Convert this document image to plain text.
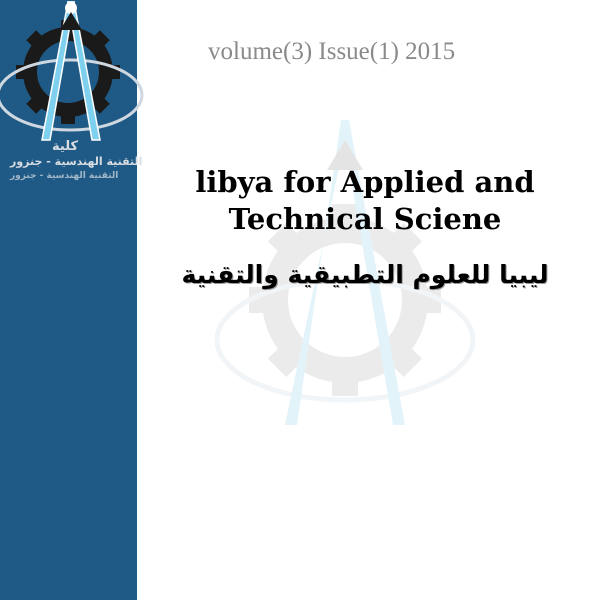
كلية
التقنية الهندسية - جنزور
التقنية الهندسية - جنزور
volume(3) Issue(1) 2015
libya for Applied and
Technical Sciene
ليبيا للعلوم التطبيقية والتقنية
